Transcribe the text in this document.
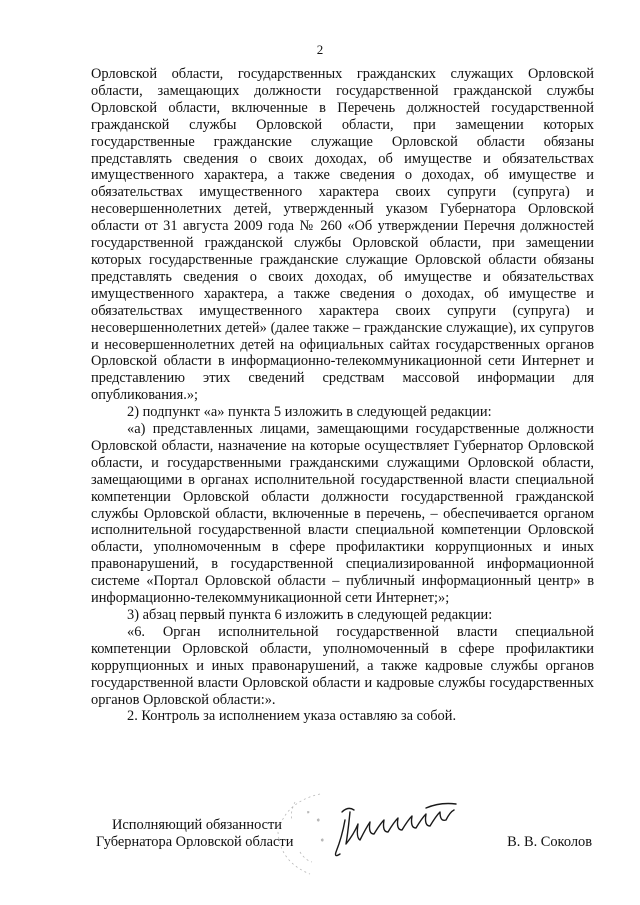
2

Орловской области, государственных гражданских служащих Орловской области, замещающих должности государственной гражданской службы Орловской области, включенные в Перечень должностей государственной гражданской службы Орловской области, при замещении которых государственные гражданские служащие Орловской области обязаны представлять сведения о своих доходах, об имуществе и обязательствах имущественного характера, а также сведения о доходах, об имуществе и обязательствах имущественного характера своих супруги (супруга) и несовершеннолетних детей, утвержденный указом Губернатора Орловской области от 31 августа 2009 года № 260 «Об утверждении Перечня должностей государственной гражданской службы Орловской области, при замещении которых государственные гражданские служащие Орловской области обязаны представлять сведения о своих доходах, об имуществе и обязательствах имущественного характера, а также сведения о доходах, об имуществе и обязательствах имущественного характера своих супруги (супруга) и несовершеннолетних детей» (далее также – гражданские служащие), их супругов и несовершеннолетних детей на официальных сайтах государственных органов Орловской области в информационно-телекоммуникационной сети Интернет и представлению этих сведений средствам массовой информации для опубликования.»;

2) подпункт «а» пункта 5 изложить в следующей редакции:

«а) представленных лицами, замещающими государственные должности Орловской области, назначение на которые осуществляет Губернатор Орловской области, и государственными гражданскими служащими Орловской области, замещающими в органах исполнительной государственной власти специальной компетенции Орловской области должности государственной гражданской службы Орловской области, включенные в перечень, – обеспечивается органом исполнительной государственной власти специальной компетенции Орловской области, уполномоченным в сфере профилактики коррупционных и иных правонарушений, в государственной специализированной информационной системе «Портал Орловской области – публичный информационный центр» в информационно-телекоммуникационной сети Интернет;»;

3) абзац первый пункта 6 изложить в следующей редакции:

«6. Орган исполнительной государственной власти специальной компетенции Орловской области, уполномоченный в сфере профилактики коррупционных и иных правонарушений, а также кадровые службы органов государственной власти Орловской области и кадровые службы государственных органов Орловской области:».

2. Контроль за исполнением указа оставляю за собой.

Исполняющий обязанности
Губернатора Орловской области	В. В. Соколов
